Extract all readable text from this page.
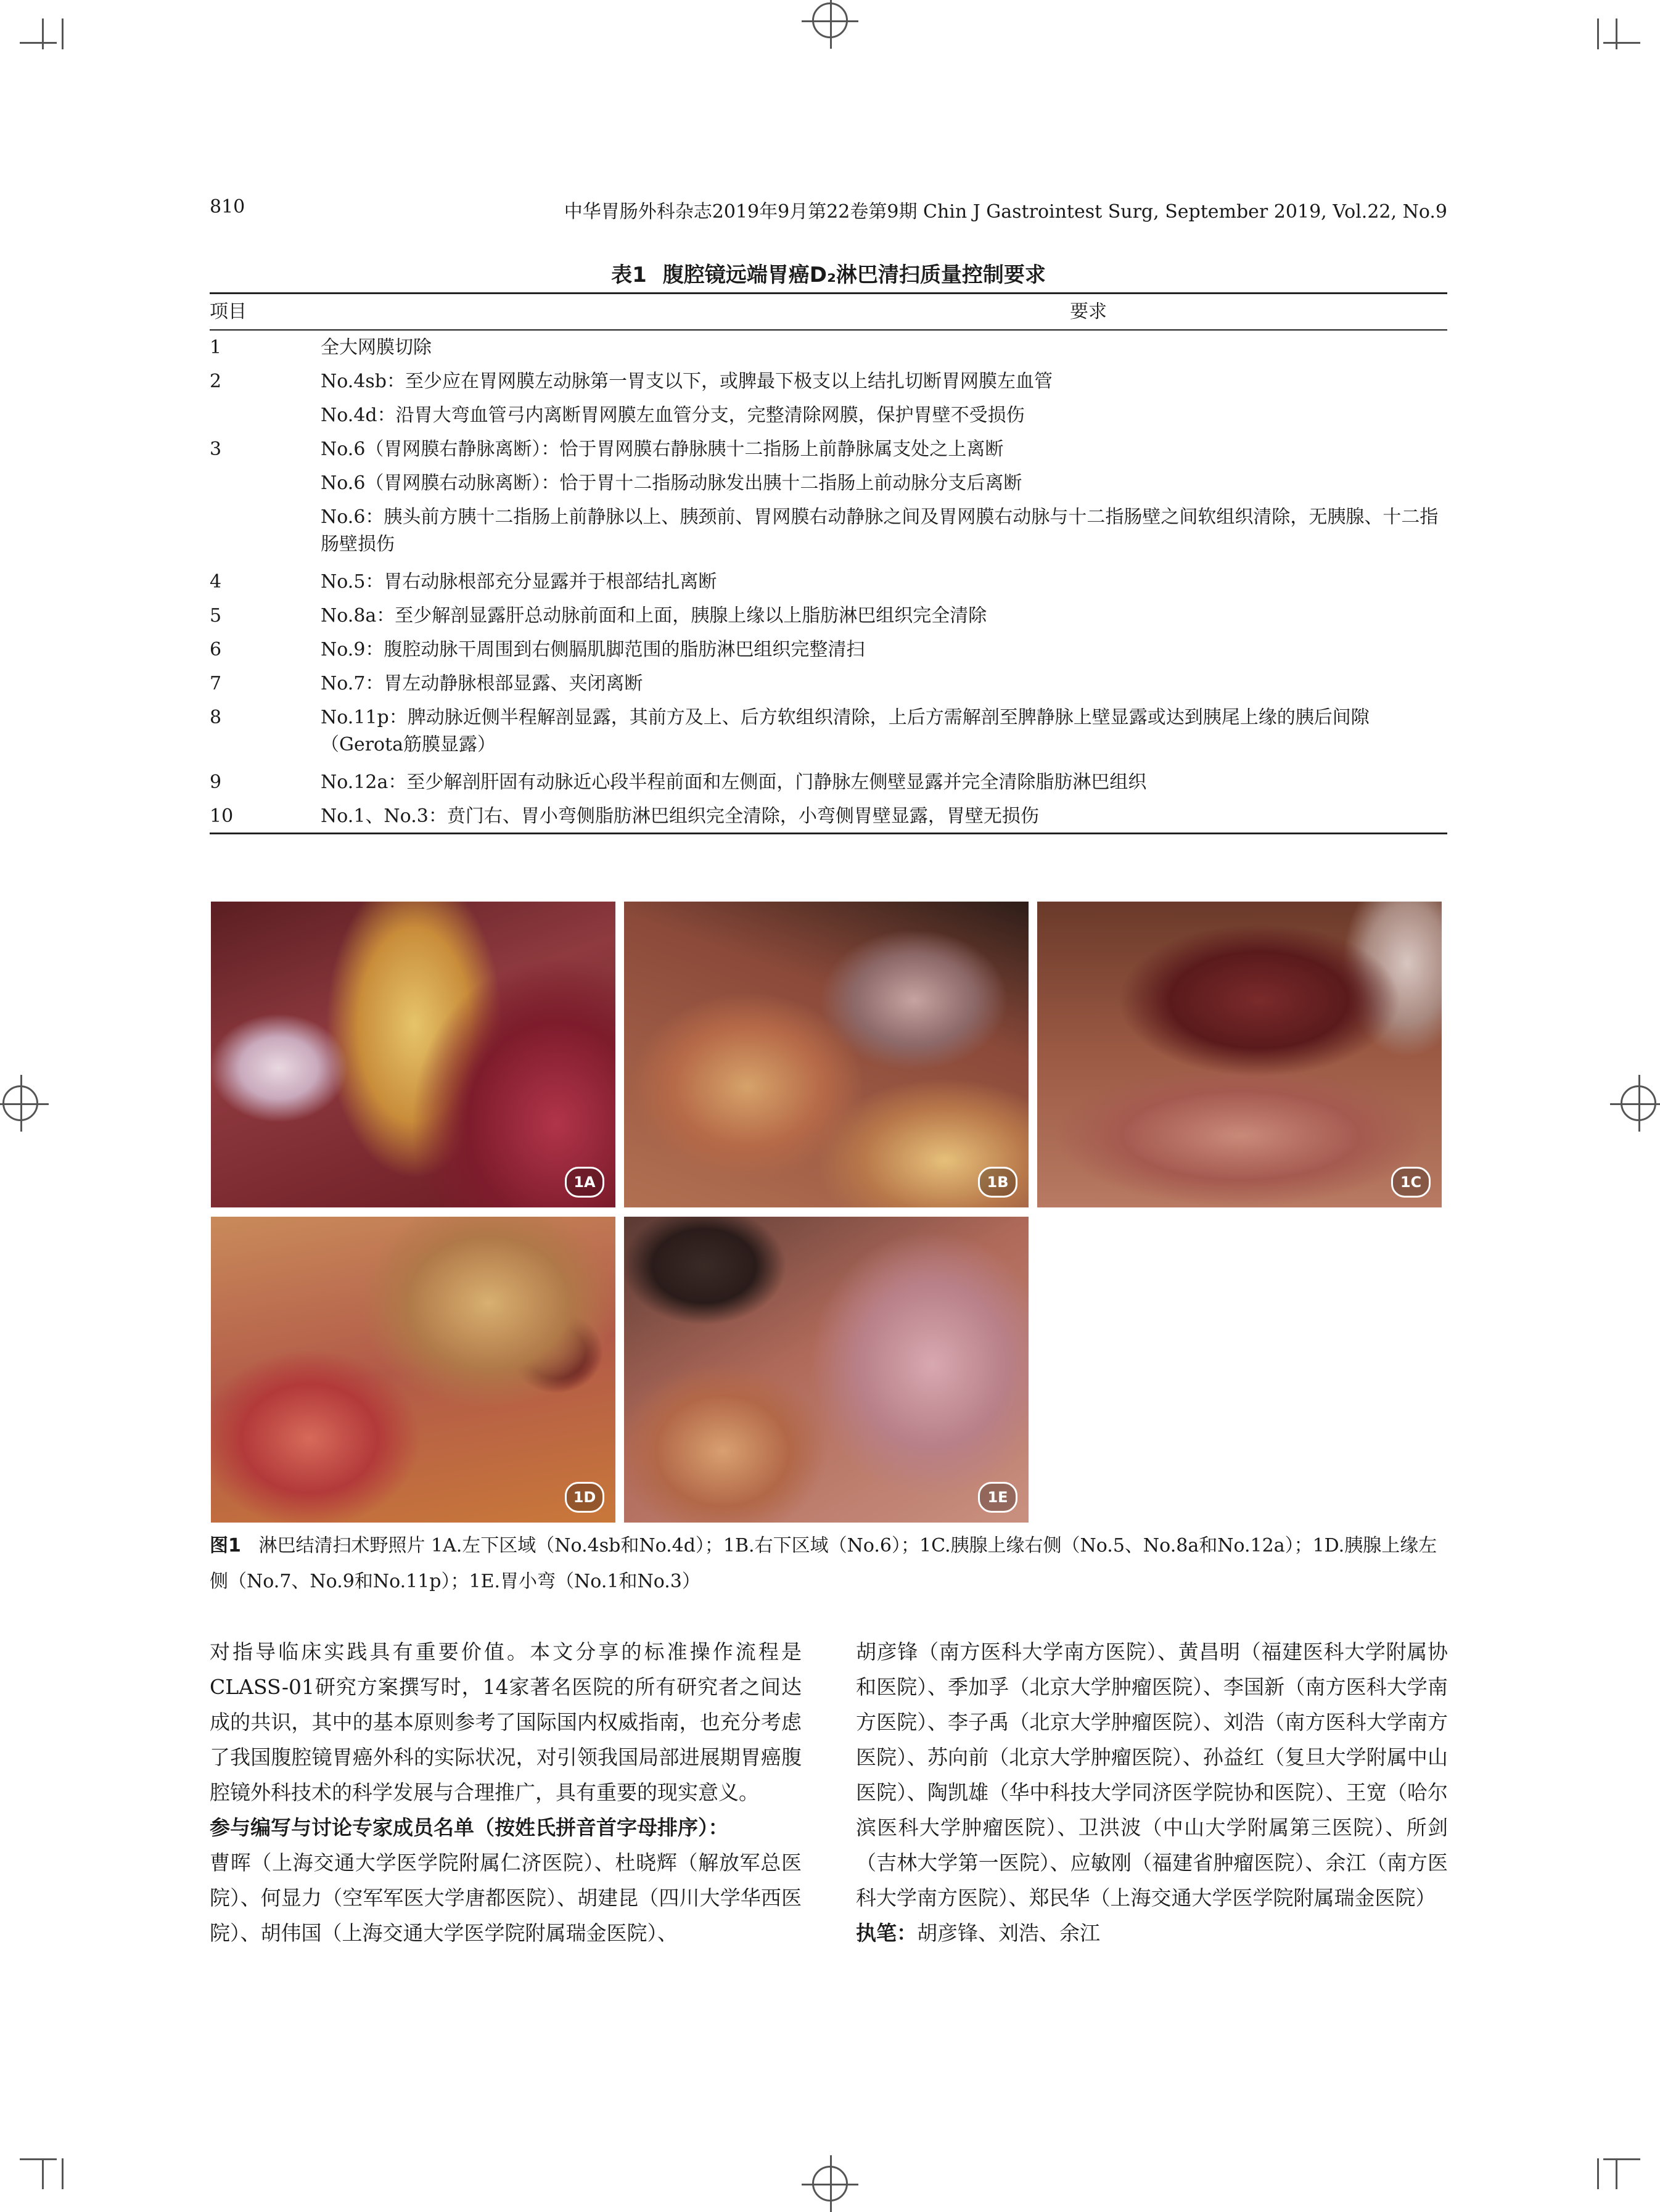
810	中华胃肠外科杂志2019年9月第22卷第9期 Chin J Gastrointest Surg, September 2019, Vol.22, No.9
表1 腹腔镜远端胃癌D₂淋巴清扫质量控制要求
项目	要求
1	全大网膜切除
2	No.4sb：至少应在胃网膜左动脉第一胃支以下，或脾最下极支以上结扎切断胃网膜左血管
No.4d：沿胃大弯血管弓内离断胃网膜左血管分支，完整清除网膜，保护胃壁不受损伤
3	No.6（胃网膜右静脉离断）：恰于胃网膜右静脉胰十二指肠上前静脉属支处之上离断
No.6（胃网膜右动脉离断）：恰于胃十二指肠动脉发出胰十二指肠上前动脉分支后离断
No.6：胰头前方胰十二指肠上前静脉以上、胰颈前、胃网膜右动静脉之间及胃网膜右动脉与十二指肠壁之间软组织清除，无胰腺、十二指肠壁损伤
4	No.5：胃右动脉根部充分显露并于根部结扎离断
5	No.8a：至少解剖显露肝总动脉前面和上面，胰腺上缘以上脂肪淋巴组织完全清除
6	No.9：腹腔动脉干周围到右侧膈肌脚范围的脂肪淋巴组织完整清扫
7	No.7：胃左动静脉根部显露、夹闭离断
8	No.11p：脾动脉近侧半程解剖显露，其前方及上、后方软组织清除，上后方需解剖至脾静脉上壁显露或达到胰尾上缘的胰后间隙（Gerota筋膜显露）
9	No.12a：至少解剖肝固有动脉近心段半程前面和左侧面，门静脉左侧壁显露并完全清除脂肪淋巴组织
10	No.1、No.3：贲门右、胃小弯侧脂肪淋巴组织完全清除，小弯侧胃壁显露，胃壁无损伤
1A	1B	1C
1D	1E
图1 淋巴结清扫术野照片 1A.左下区域（No.4sb和No.4d）；1B.右下区域（No.6）；1C.胰腺上缘右侧（No.5、No.8a和No.12a）；1D.胰腺上缘左侧（No.7、No.9和No.11p）；1E.胃小弯（No.1和No.3）

对指导临床实践具有重要价值。本文分享的标准操作流程是CLASS-01研究方案撰写时，14家著名医院的所有研究者之间达成的共识，其中的基本原则参考了国际国内权威指南，也充分考虑了我国腹腔镜胃癌外科的实际状况，对引领我国局部进展期胃癌腹腔镜外科技术的科学发展与合理推广，具有重要的现实意义。

参与编写与讨论专家成员名单（按姓氏拼音首字母排序）：

曹晖（上海交通大学医学院附属仁济医院）、杜晓辉（解放军总医院）、何显力（空军军医大学唐都医院）、胡建昆（四川大学华西医院）、胡伟国（上海交通大学医学院附属瑞金医院）、

胡彦锋（南方医科大学南方医院）、黄昌明（福建医科大学附属协和医院）、季加孚（北京大学肿瘤医院）、李国新（南方医科大学南方医院）、李子禹（北京大学肿瘤医院）、刘浩（南方医科大学南方医院）、苏向前（北京大学肿瘤医院）、孙益红（复旦大学附属中山医院）、陶凯雄（华中科技大学同济医学院协和医院）、王宽（哈尔滨医科大学肿瘤医院）、卫洪波（中山大学附属第三医院）、所剑（吉林大学第一医院）、应敏刚（福建省肿瘤医院）、余江（南方医科大学南方医院）、郑民华（上海交通大学医学院附属瑞金医院）

执笔：胡彦锋、刘浩、余江
